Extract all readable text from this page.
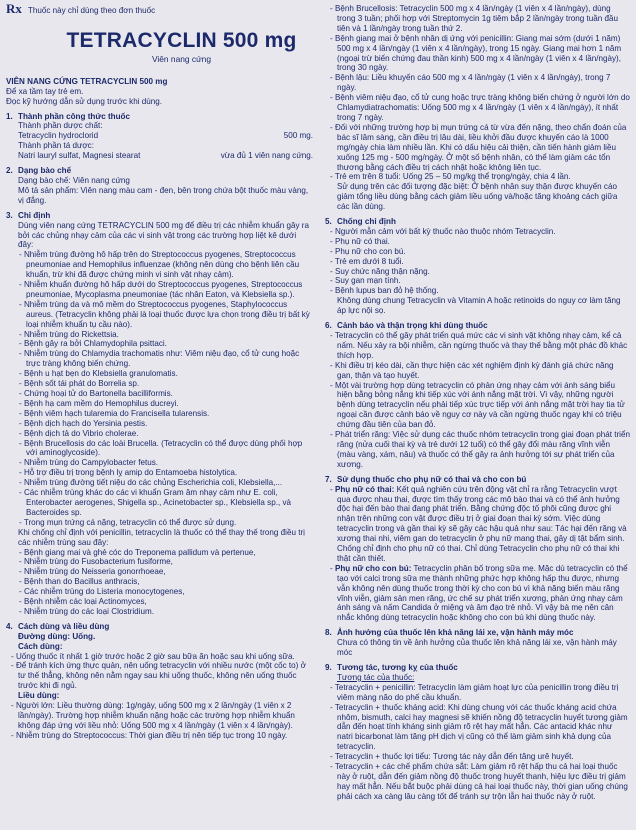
Rx Thuốc này chỉ dùng theo đơn thuốc
TETRACYCLIN 500 mg
Viên nang cứng

VIÊN NANG CỨNG TETRACYCLIN 500 mg

Để xa tầm tay trẻ em.

Đọc kỹ hướng dẫn sử dụng trước khi dùng.

1. Thành phần công thức thuốc

Thành phần dược chất:

Tetracyclin hydroclorid	500 mg.

Thành phần tá dược:

Natri lauryl sulfat, Magnesi stearat	vừa đủ 1 viên nang cứng.

2. Dạng bào chế

Dạng bào chế: Viên nang cứng

Mô tả sản phẩm: Viên nang màu cam - đen, bên trong chứa bột thuốc màu vàng, vị đắng.

3. Chỉ định

Dùng viên nang cứng TETRACYCLIN 500 mg để điều trị các nhiễm khuẩn gây ra bởi các chủng nhạy cảm của các vi sinh vật trong các trường hợp liệt kê dưới đây:

- Nhiễm trùng đường hô hấp trên do Streptococcus pyogenes, Streptococcus pneumoniae and Hemophilus influenzae (không nên dùng cho bệnh liên cầu khuẩn, trừ khi đã được chứng minh vi sinh vật nhạy cảm).
- Nhiễm khuẩn đường hô hấp dưới do Streptococcus pyogenes, Streptococcus pneumoniae, Mycoplasma pneumoniae (tác nhân Eaton, và Klebsiella sp.).
- Nhiễm trùng da và mô mềm do Streptococcus pyogenes, Staphylococcus aureus. (Tetracyclin không phải là loại thuốc được lựa chọn trong điều trị bất kỳ loại nhiễm khuẩn tụ cầu nào).
- Nhiễm trùng do Rickettsia.
- Bệnh gây ra bởi Chlamydophila psittaci.
- Nhiễm trùng do Chlamydia trachomatis như: Viêm niệu đạo, cổ tử cung hoặc trực tràng không biến chứng.
- Bệnh u hạt bẹn do Klebsiella granulomatis.
- Bệnh sốt tái phát do Borrelia sp.
- Chứng hoại tử do Bartonella bacilliformis.
- Bệnh hạ cam mềm do Hemophilus ducreyi.
- Bệnh viêm hạch tularemia do Francisella tularensis.
- Bệnh dịch hạch do Yersinia pestis.
- Bệnh dịch tả do Vibrio cholerae.
- Bệnh Brucellosis do các loài Brucella. (Tetracyclin có thể được dùng phối hợp với aminoglycoside).
- Nhiễm trùng do Campylobacter fetus.
- Hỗ trợ điều trị trong bệnh lỵ amip do Entamoeba histolytica.
- Nhiễm trùng đường tiết niệu do các chủng Escherichia coli, Klebsiella,...
- Các nhiễm trùng khác do các vi khuẩn Gram âm nhạy cảm như E. coli, Enterobacter aerogenes, Shigella sp., Acinetobacter sp., Klebsiella sp., và Bacteroides sp.
- Trong mụn trứng cá nặng, tetracyclin có thể được sử dụng.

Khi chống chỉ định với penicillin, tetracyclin là thuốc có thể thay thế trong điều trị các nhiễm trùng sau đây:

- Bệnh giang mai và ghẻ cóc do Treponema pallidum và pertenue,
- Nhiễm trùng do Fusobacterium fusiforme,
- Nhiễm trùng do Neisseria gonorrhoeae,
- Bệnh than do Bacillus anthracis,
- Các nhiễm trùng do Listeria monocytogenes,
- Bệnh nhiễm các loại Actinomyces,
- Nhiễm trùng do các loại Clostridium.

4. Cách dùng và liều dùng

Đường dùng: Uống.

Cách dùng:

- Uống thuốc ít nhất 1 giờ trước hoặc 2 giờ sau bữa ăn hoặc sau khi uống sữa.
- Để tránh kích ứng thực quản, nên uống tetracyclin với nhiều nước (một cốc to) ở tư thế thẳng, không nên nằm ngay sau khi uống thuốc, không nên uống thuốc trước khi đi ngủ.

Liều dùng:

- Người lớn: Liều thường dùng: 1g/ngày, uống 500 mg x 2 lần/ngày (1 viên x 2 lần/ngày). Trường hợp nhiễm khuẩn nặng hoặc các trường hợp nhiễm khuẩn không đáp ứng với liều nhỏ: Uống 500 mg x 4 lần/ngày (1 viên x 4 lần/ngày).
- Nhiễm trùng do Streptococcus: Thời gian điều trị nên tiếp tục trong 10 ngày.
- Bệnh Brucellosis: Tetracyclin 500 mg x 4 lần/ngày (1 viên x 4 lần/ngày), dùng trong 3 tuần; phối hợp với Streptomycin 1g tiêm bắp 2 lần/ngày trong tuần đầu tiên và 1 lần/ngày trong tuần thứ 2.
- Bệnh giang mai ở bệnh nhân dị ứng với penicillin: Giang mai sớm (dưới 1 năm) 500 mg x 4 lần/ngày (1 viên x 4 lần/ngày), trong 15 ngày. Giang mai hơn 1 năm (ngoại trừ biến chứng đau thần kinh) 500 mg x 4 lần/ngày (1 viên x 4 lần/ngày), trong 30 ngày.
- Bệnh lậu: Liều khuyến cáo 500 mg x 4 lần/ngày (1 viên x 4 lần/ngày), trong 7 ngày.
- Bệnh viêm niệu đạo, cổ tử cung hoặc trực tràng không biến chứng ở người lớn do Chlamydiatrachomatis: Uống 500 mg x 4 lần/ngày (1 viên x 4 lần/ngày), ít nhất trong 7 ngày.
- Đối với những trường hợp bị mụn trứng cá từ vừa đến nặng, theo chẩn đoán của bác sĩ lâm sàng, cần điều trị lâu dài, liều khởi đầu được khuyến cáo là 1000 mg/ngày chia làm nhiều lần. Khi có dấu hiệu cải thiện, cần tiến hành giảm liều xuống 125 mg - 500 mg/ngày. Ở một số bệnh nhân, có thể làm giảm các tổn thương bằng cách điều trị cách nhật hoặc không liên tục.
- Trẻ em trên 8 tuổi: Uống 25 – 50 mg/kg thể trọng/ngày, chia 4 lần.

Sử dụng trên các đối tượng đặc biệt: Ở bệnh nhân suy thận được khuyến cáo giảm tổng liều dùng bằng cách giảm liều uống và/hoặc tăng khoảng cách giữa các lần dùng.

5. Chống chỉ định

- Người mẫn cảm với bất kỳ thuốc nào thuộc nhóm Tetracyclin.
- Phụ nữ có thai.
- Phụ nữ cho con bú.
- Trẻ em dưới 8 tuổi.
- Suy chức năng thận nặng.
- Suy gan mạn tính.
- Bệnh lupus ban đỏ hệ thống.

Không dùng chung Tetracyclin và Vitamin A hoặc retinoids do nguy cơ làm tăng áp lực nội sọ.

6. Cảnh báo và thận trọng khi dùng thuốc

- Tetracyclin có thể gây phát triển quá mức các vi sinh vật không nhạy cảm, kể cả nấm. Nếu xảy ra bội nhiễm, cần ngừng thuốc và thay thế bằng một phác đồ khác thích hợp.
- Khi điều trị kéo dài, cần thực hiện các xét nghiệm định kỳ đánh giá chức năng gan, thận và tạo huyết.
- Một vài trường hợp dùng tetracyclin có phản ứng nhạy cảm với ánh sáng biểu hiện bằng bỏng nắng khi tiếp xúc với ánh nắng mặt trời. Vì vậy, những người bệnh dùng tetracyclin nếu phải tiếp xúc trực tiếp với ánh nắng mặt trời hay tia tử ngoại cần được cảnh báo về nguy cơ này và cần ngừng thuốc ngay khi có triệu chứng đầu tiên của ban đỏ.
- Phát triển răng: Việc sử dụng các thuốc nhóm tetracyclin trong giai đoạn phát triển răng (nửa cuối thai kỳ và trẻ dưới 12 tuổi) có thể gây đổi màu răng vĩnh viễn (màu vàng, xám, nâu) và thuốc có thể gây ra ảnh hưởng tới sự phát triển của xương.

7. Sử dụng thuốc cho phụ nữ có thai và cho con bú

- Phụ nữ có thai: Kết quả nghiên cứu trên động vật chỉ ra rằng Tetracyclin vượt qua được nhau thai, được tìm thấy trong các mô bào thai và có thể ảnh hưởng độc hại đến bào thai đang phát triển. Bằng chứng độc tố phôi cũng được ghi nhận trên những con vật được điều trị ở giai đoạn thai kỳ sớm. Việc dùng tetracyclin trong và gần thai kỳ sẽ gây các hậu quả như sau: Tác hại đến răng và xương thai nhi, viêm gan do tetracyclin ở phụ nữ mang thai, gây dị tật bẩm sinh. Chống chỉ định cho phụ nữ có thai. Chỉ dùng Tetracyclin cho phụ nữ có thai khi thật cần thiết.
- Phụ nữ cho con bú: Tetracyclin phân bố trong sữa mẹ. Mặc dù tetracyclin có thể tạo với calci trong sữa mẹ thành những phức hợp không hấp thu được, nhưng vẫn không nên dùng thuốc trong thời kỳ cho con bú vì khả năng biến màu răng vĩnh viễn, giảm sản men răng, ức chế sự phát triển xương, phản ứng nhạy cảm ánh sáng và nấm Candida ở miệng và âm đạo trẻ nhỏ. Vì vậy bà mẹ nên cân nhắc không dùng tetracyclin hoặc không cho con bú khi dùng thuốc này.

8. Ảnh hưởng của thuốc lên khả năng lái xe, vận hành máy móc

Chưa có thông tin về ảnh hưởng của thuốc lên khả năng lái xe, vận hành máy móc

9. Tương tác, tương kỵ của thuốc

Tương tác của thuốc:

- Tetracyclin + penicillin: Tetracyclin làm giảm hoạt lực của penicillin trong điều trị viêm màng não do phế cầu khuẩn.
- Tetracyclin + thuốc kháng acid: Khi dùng chung với các thuốc kháng acid chứa nhôm, bismuth, calci hay magnesi sẽ khiến nồng độ tetracyclin huyết tương giảm dẫn đến hoạt tính kháng sinh giảm rõ rệt hay mất hẳn. Các antacid khác như natri bicarbonat làm tăng pH dịch vị cũng có thể làm giảm sinh khả dụng của tetracyclin.
- Tetracyclin + thuốc lợi tiểu: Tương tác này dẫn đến tăng urê huyết.
- Tetracyclin + các chế phẩm chứa sắt: Làm giảm rõ rệt hấp thu cả hai loại thuốc này ở ruột, dẫn đến giảm nồng độ thuốc trong huyết thanh, hiệu lực điều trị giảm hay mất hẳn. Nếu bắt buộc phải dùng cả hai loại thuốc này, thời gian uống chúng phải cách xa càng lâu càng tốt để tránh sự trộn lẫn hai thuốc này ở ruột.
